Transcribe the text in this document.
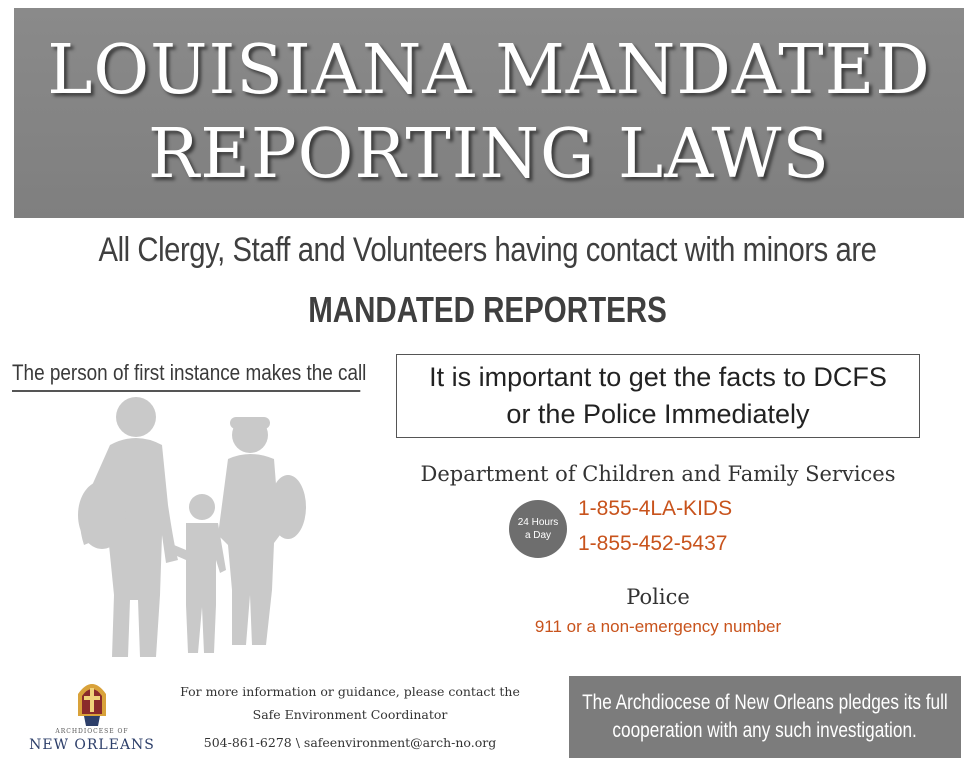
LOUISIANA MANDATED
REPORTING LAWS
All Clergy, Staff and Volunteers having contact with minors are
MANDATED REPORTERS
The person of first instance makes the call It is important to get the facts to DCFS
or the Police Immediately
Department of Children and Family Services
24 Hours
a Day
1-855-4LA-KIDS
1-855-452-5437
Police
911 or a non-emergency number
ARCHDIOCESE OF
NEW ORLEANS
For more information or guidance, please contact the
Safe Environment Coordinator
504-861-6278 \ safeenvironment@arch-no.org
The Archdiocese of New Orleans pledges its full
cooperation with any such investigation.
